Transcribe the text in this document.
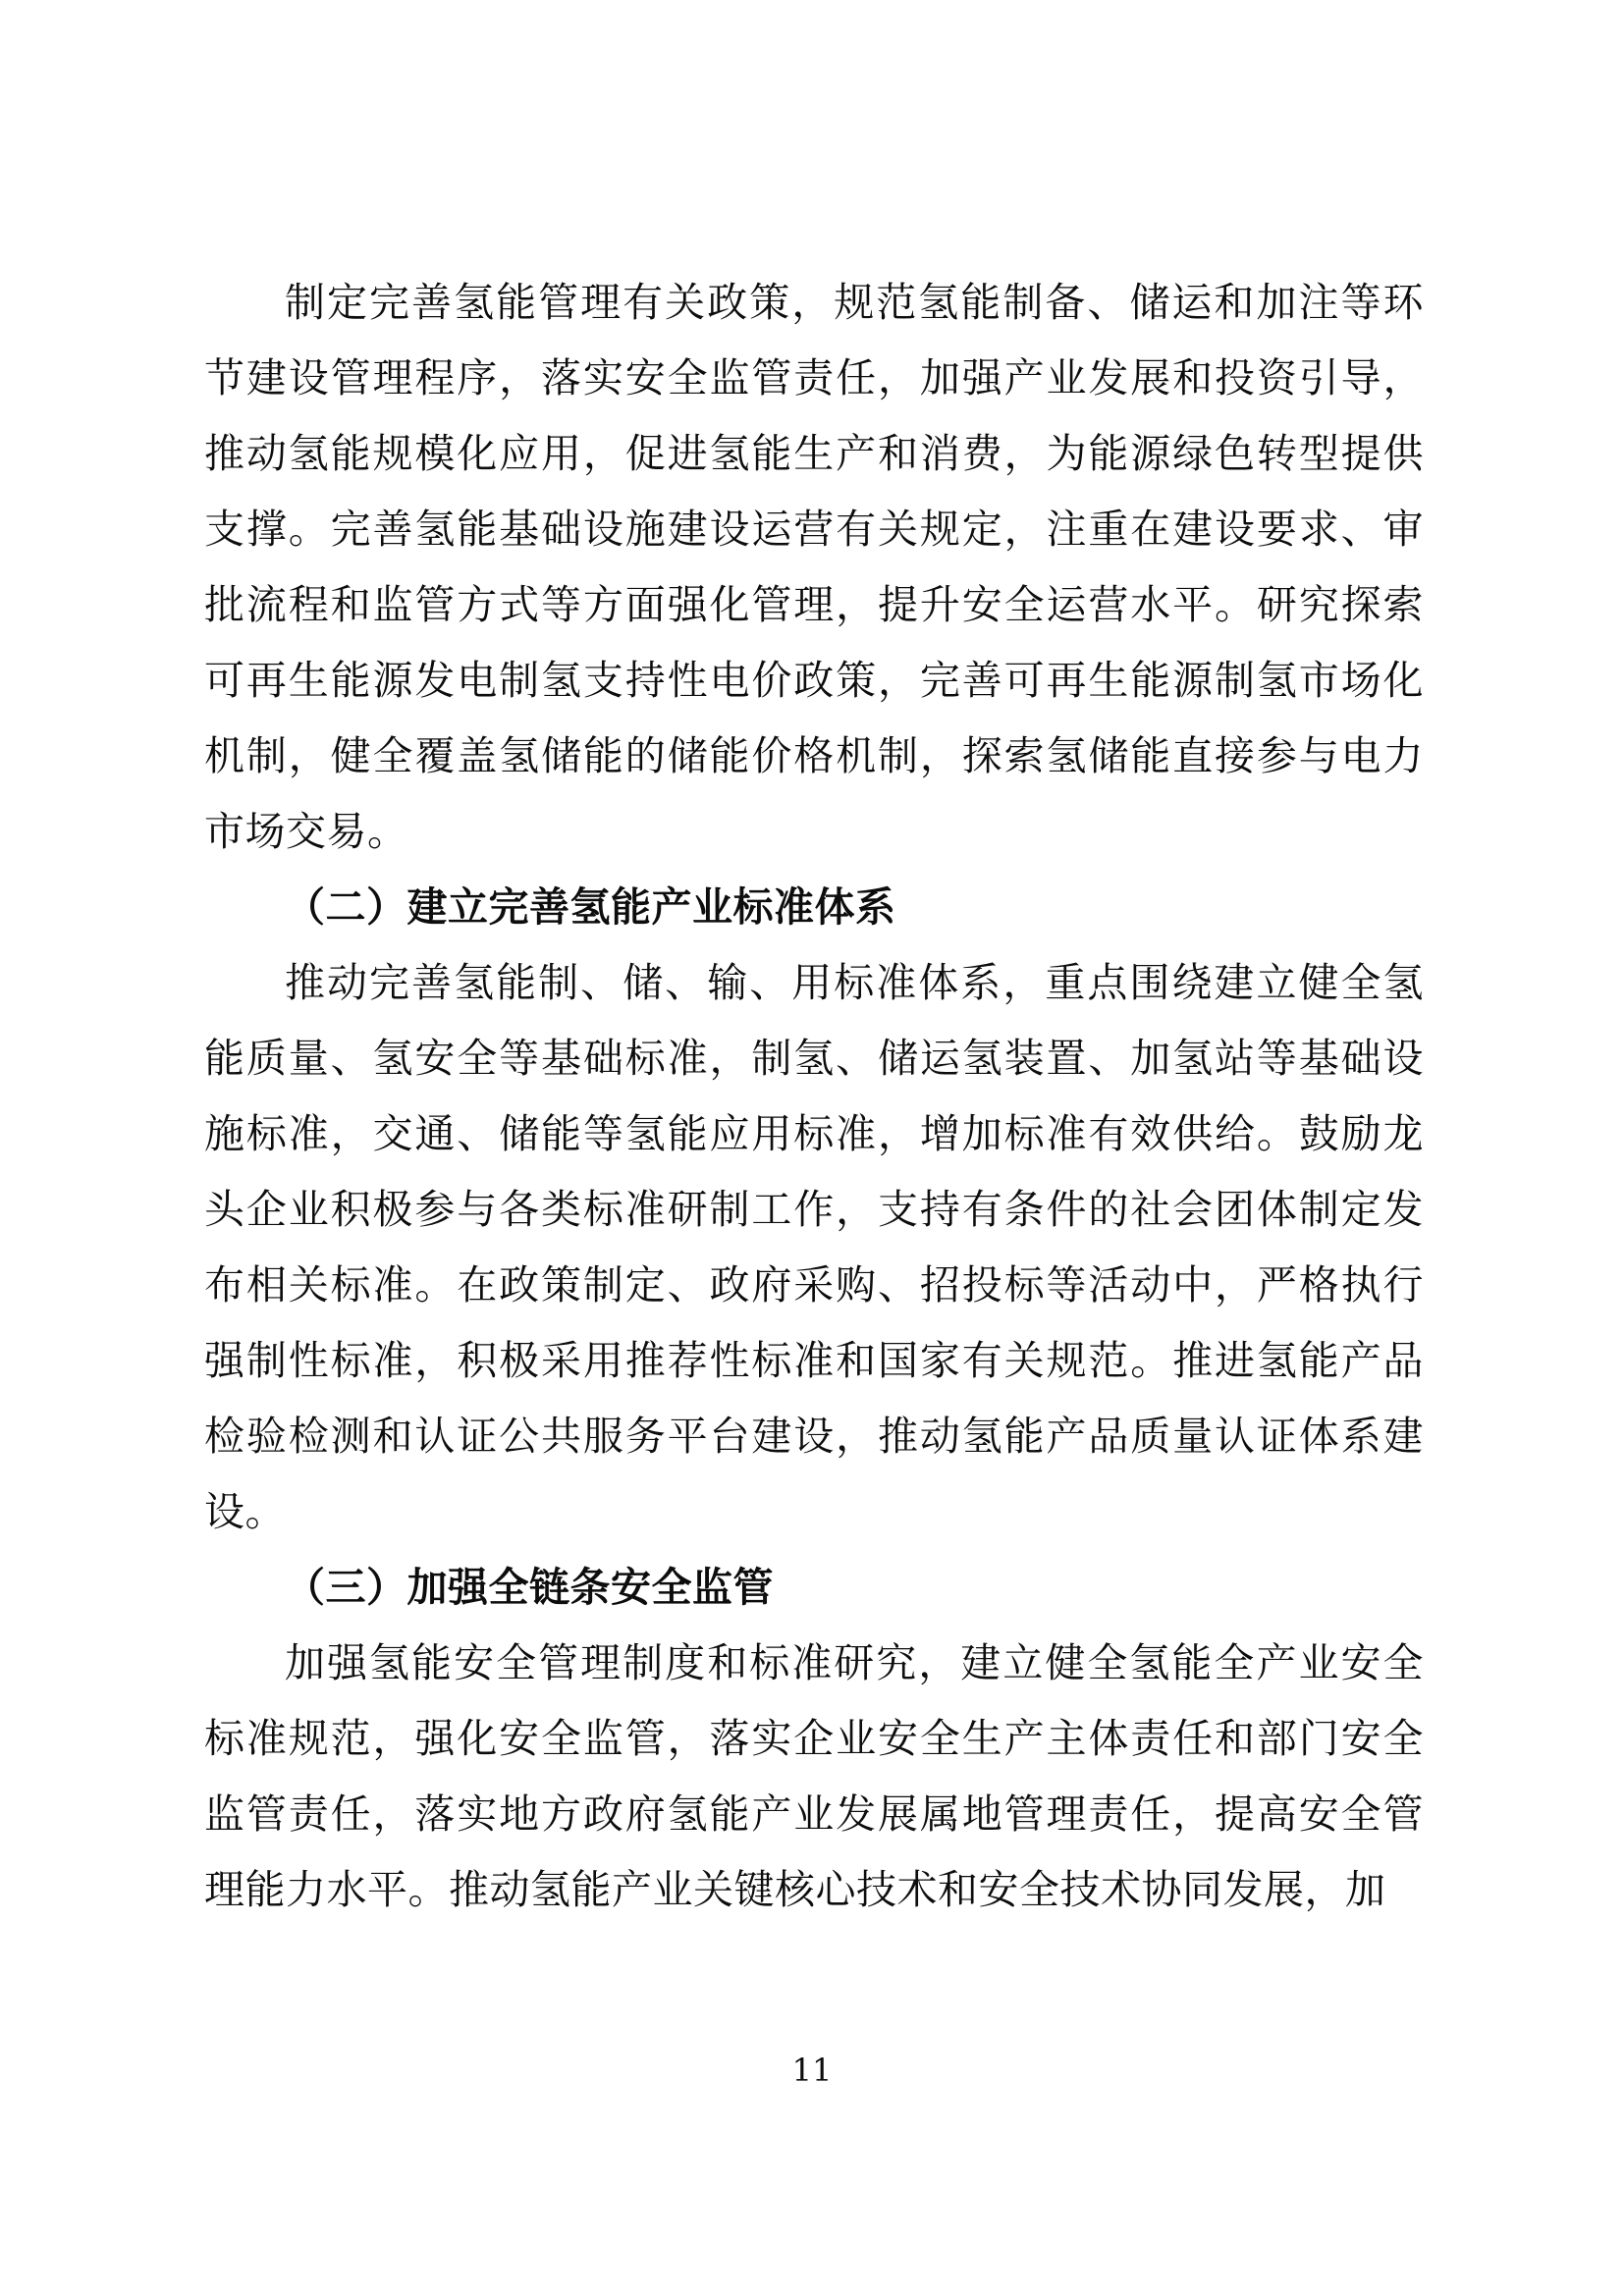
制定完善氢能管理有关政策，规范氢能制备、储运和加注等环节建设管理程序，落实安全监管责任，加强产业发展和投资引导，推动氢能规模化应用，促进氢能生产和消费，为能源绿色转型提供支撑。完善氢能基础设施建设运营有关规定，注重在建设要求、审批流程和监管方式等方面强化管理，提升安全运营水平。研究探索可再生能源发电制氢支持性电价政策，完善可再生能源制氢市场化机制，健全覆盖氢储能的储能价格机制，探索氢储能直接参与电力市场交易。

（二）建立完善氢能产业标准体系

推动完善氢能制、储、输、用标准体系，重点围绕建立健全氢能质量、氢安全等基础标准，制氢、储运氢装置、加氢站等基础设施标准，交通、储能等氢能应用标准，增加标准有效供给。鼓励龙头企业积极参与各类标准研制工作，支持有条件的社会团体制定发布相关标准。在政策制定、政府采购、招投标等活动中，严格执行强制性标准，积极采用推荐性标准和国家有关规范。推进氢能产品检验检测和认证公共服务平台建设，推动氢能产品质量认证体系建设。

（三）加强全链条安全监管

加强氢能安全管理制度和标准研究，建立健全氢能全产业安全标准规范，强化安全监管，落实企业安全生产主体责任和部门安全监管责任，落实地方政府氢能产业发展属地管理责任，提高安全管理能力水平。推动氢能产业关键核心技术和安全技术协同发展，加

11
